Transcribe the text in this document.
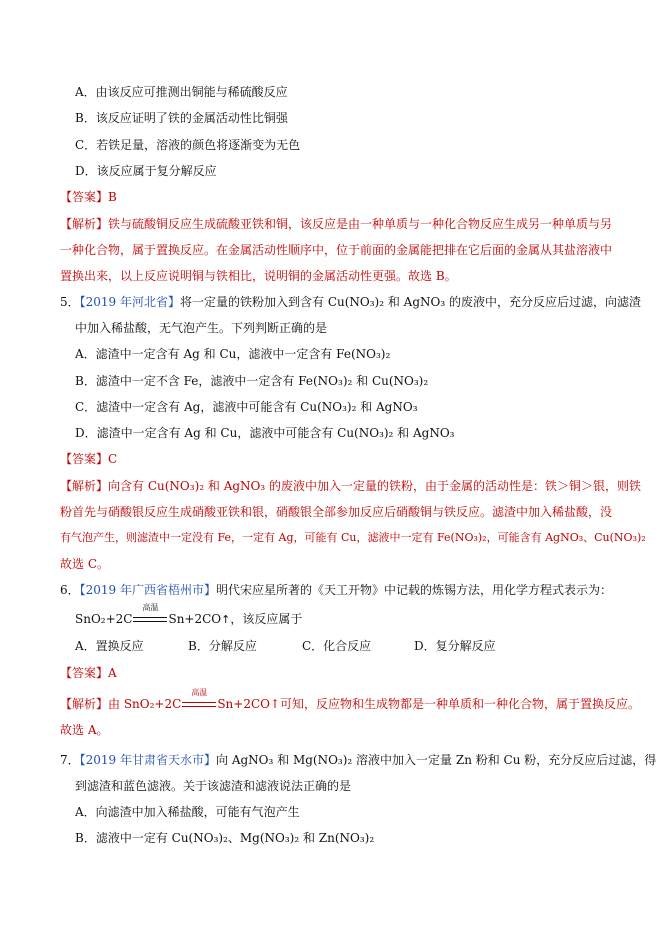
A．由该反应可推测出铜能与稀硫酸反应
B．该反应证明了铁的金属活动性比铜强
C．若铁足量，溶液的颜色将逐渐变为无色
D．该反应属于复分解反应
【答案】B
【解析】铁与硫酸铜反应生成硫酸亚铁和铜，该反应是由一种单质与一种化合物反应生成另一种单质与另
一种化合物，属于置换反应。在金属活动性顺序中，位于前面的金属能把排在它后面的金属从其盐溶液中
置换出来，以上反应说明铜与铁相比，说明铜的金属活动性更强。故选 B。
5．【2019 年河北省】将一定量的铁粉加入到含有 Cu(NO₃)₂ 和 AgNO₃ 的废液中，充分反应后过滤，向滤渣
中加入稀盐酸，无气泡产生。下列判断正确的是
A．滤渣中一定含有 Ag 和 Cu，滤液中一定含有 Fe(NO₃)₂
B．滤渣中一定不含 Fe，滤液中一定含有 Fe(NO₃)₂ 和 Cu(NO₃)₂
C．滤渣中一定含有 Ag，滤液中可能含有 Cu(NO₃)₂ 和 AgNO₃
D．滤渣中一定含有 Ag 和 Cu，滤液中可能含有 Cu(NO₃)₂ 和 AgNO₃
【答案】C
【解析】向含有 Cu(NO₃)₂ 和 AgNO₃ 的废液中加入一定量的铁粉，由于金属的活动性是：铁＞铜＞银，则铁
粉首先与硝酸银反应生成硝酸亚铁和银，硝酸银全部参加反应后硝酸铜与铁反应。滤渣中加入稀盐酸，没
有气泡产生，则滤渣中一定没有 Fe，一定有 Ag，可能有 Cu，滤液中一定有 Fe(NO₃)₂，可能含有 AgNO₃、Cu(NO₃)₂
故选 C。
6．【2019 年广西省梧州市】明代宋应星所著的《天工开物》中记载的炼锡方法，用化学方程式表示为：
SnO₂+2C
高温
Sn+2CO↑，该反应属于
A．置换反应	B．分解反应	C．化合反应	D．复分解反应
【答案】A
【解析】由 SnO₂+2C
高温
Sn+2CO↑可知，反应物和生成物都是一种单质和一种化合物，属于置换反应。
故选 A。
7．【2019 年甘肃省天水市】向 AgNO₃ 和 Mg(NO₃)₂ 溶液中加入一定量 Zn 粉和 Cu 粉，充分反应后过滤，得
到滤渣和蓝色滤液。关于该滤渣和滤液说法正确的是
A．向滤渣中加入稀盐酸，可能有气泡产生
B．滤液中一定有 Cu(NO₃)₂、Mg(NO₃)₂ 和 Zn(NO₃)₂
